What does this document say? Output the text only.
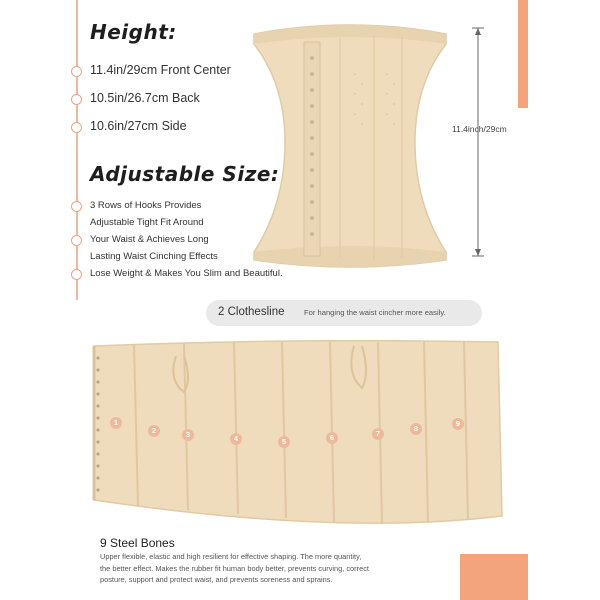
Height:
11.4in/29cm Front Center
10.5in/26.7cm Back
10.6in/27cm Side
Adjustable Size:
3 Rows of Hooks Provides
Adjustable Tight Fit Around
Your Waist & Achieves Long
Lasting Waist Cinching Effects
Lose Weight & Makes You Slim and Beautiful.
11.4inch/29cm
2 Clothesline	For hanging the waist cincher more easily.
1
2	3	4	5	6	7
8
9
9 Steel Bones
Upper flexible, elastic and high resilient for effective shaping. The more quantity,
the better effect. Makes the rubber fit human body better, prevents curving, correct
posture, support and protect waist, and prevents soreness and sprains.
